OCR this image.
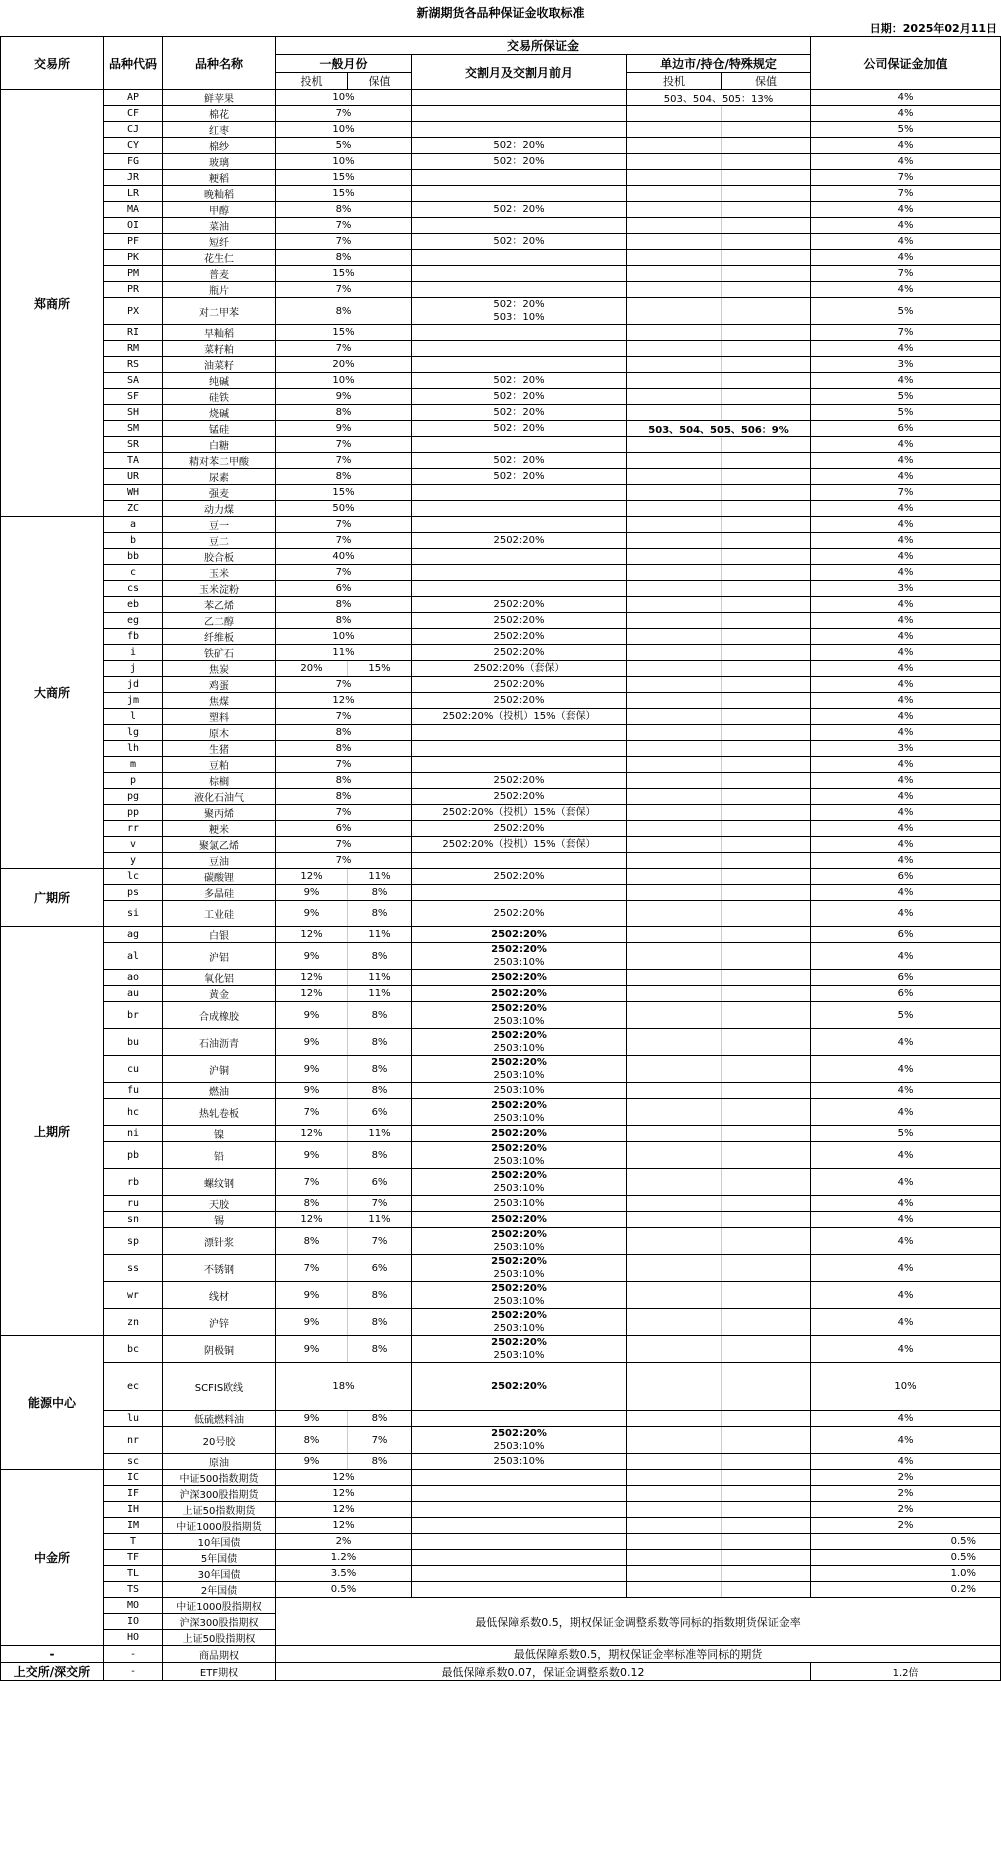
新湖期货各品种保证金收取标准
日期：2025年02月11日
交易所	品种代码	品种名称	交易所保证金					公司保证金加值
			一般月份		交割月及交割月前月	单边市/持仓/特殊规定		
			投机	保值		投机	保值	
郑商所	AP	鲜苹果	10%			503、504、505：13%		4%
	CF	棉花	7%					4%
	CJ	红枣	10%					5%
	CY	棉纱	5%		502：20%			4%
	FG	玻璃	10%		502：20%			4%
	JR	粳稻	15%					7%
	LR	晚籼稻	15%					7%
	MA	甲醇	8%		502：20%			4%
	OI	菜油	7%					4%
	PF	短纤	7%		502：20%			4%
	PK	花生仁	8%					4%
	PM	普麦	15%					7%
	PR	瓶片	7%					4%
	PX	对二甲苯	8%		502：20%
503：10%			5%
	RI	早籼稻	15%					7%
	RM	菜籽粕	7%					4%
	RS	油菜籽	20%					3%
	SA	纯碱	10%		502：20%			4%
	SF	硅铁	9%		502：20%			5%
	SH	烧碱	8%		502：20%			5%
	SM	锰硅	9%		502：20%	503、504、505、506：9%		6%
	SR	白糖	7%					4%
	TA	精对苯二甲酸	7%		502：20%			4%
	UR	尿素	8%		502：20%			4%
	WH	强麦	15%					7%
	ZC	动力煤	50%					4%
大商所	a	豆一	7%					4%
	b	豆二	7%		2502:20%			4%
	bb	胶合板	40%					4%
	c	玉米	7%					4%
	cs	玉米淀粉	6%					3%
	eb	苯乙烯	8%		2502:20%			4%
	eg	乙二醇	8%		2502:20%			4%
	fb	纤维板	10%		2502:20%			4%
	i	铁矿石	11%		2502:20%			4%
	j	焦炭	20%	15%	2502:20%（套保）			4%
	jd	鸡蛋	7%		2502:20%			4%
	jm	焦煤	12%		2502:20%			4%
	l	塑料	7%		2502:20%（投机）15%（套保）			4%
	lg	原木	8%					4%
	lh	生猪	8%					3%
	m	豆粕	7%					4%
	p	棕榈	8%		2502:20%			4%
	pg	液化石油气	8%		2502:20%			4%
	pp	聚丙烯	7%		2502:20%（投机）15%（套保）			4%
	rr	粳米	6%		2502:20%			4%
	v	聚氯乙烯	7%		2502:20%（投机）15%（套保）			4%
	y	豆油	7%					4%
广期所	lc	碳酸锂	12%	11%	2502:20%			6%
	ps	多晶硅	9%	8%				4%
	si	工业硅	9%	8%	2502:20%			4%
上期所	ag	白银	12%	11%	2502:20%			6%
	al	沪铝	9%	8%	2502:20%
2503:10%			4%
	ao	氧化铝	12%	11%	2502:20%			6%
	au	黄金	12%	11%	2502:20%			6%
	br	合成橡胶	9%	8%	2502:20%
2503:10%			5%
	bu	石油沥青	9%	8%	2502:20%
2503:10%			4%
	cu	沪铜	9%	8%	2502:20%
2503:10%			4%
	fu	燃油	9%	8%	2503:10%			4%
	hc	热轧卷板	7%	6%	2502:20%
2503:10%			4%
	ni	镍	12%	11%	2502:20%			5%
	pb	铅	9%	8%	2502:20%
2503:10%			4%
	rb	螺纹钢	7%	6%	2502:20%
2503:10%			4%
	ru	天胶	8%	7%	2503:10%			4%
	sn	锡	12%	11%	2502:20%			4%
	sp	漂针浆	8%	7%	2502:20%
2503:10%			4%
	ss	不锈钢	7%	6%	2502:20%
2503:10%			4%
	wr	线材	9%	8%	2502:20%
2503:10%			4%
	zn	沪锌	9%	8%	2502:20%
2503:10%			4%
能源中心	bc	阴极铜	9%	8%	2502:20%
2503:10%			4%
	ec	SCFIS欧线	18%		2502:20%			10%
	lu	低硫燃料油	9%	8%				4%
	nr	20号胶	8%	7%	2502:20%
2503:10%			4%
	sc	原油	9%	8%	2503:10%			4%
中金所	IC	中证500指数期货	12%					2%
	IF	沪深300股指期货	12%					2%
	IH	上证50指数期货	12%					2%
	IM	中证1000股指期货	12%					2%
	T	10年国债	2%					0.5%
	TF	5年国债	1.2%					0.5%
	TL	30年国债	3.5%					1.0%
	TS	2年国债	0.5%					0.2%
	MO	中证1000股指期权	最低保障系数0.5，期权保证金调整系数等同标的指数期货保证金率					
	IO	沪深300股指期权						
	HO	上证50股指期权						
-	-	商品期权	最低保障系数0.5，期权保证金率标准等同标的期货					
上交所/深交所	-	ETF期权	最低保障系数0.07，保证金调整系数0.12					1.2倍
